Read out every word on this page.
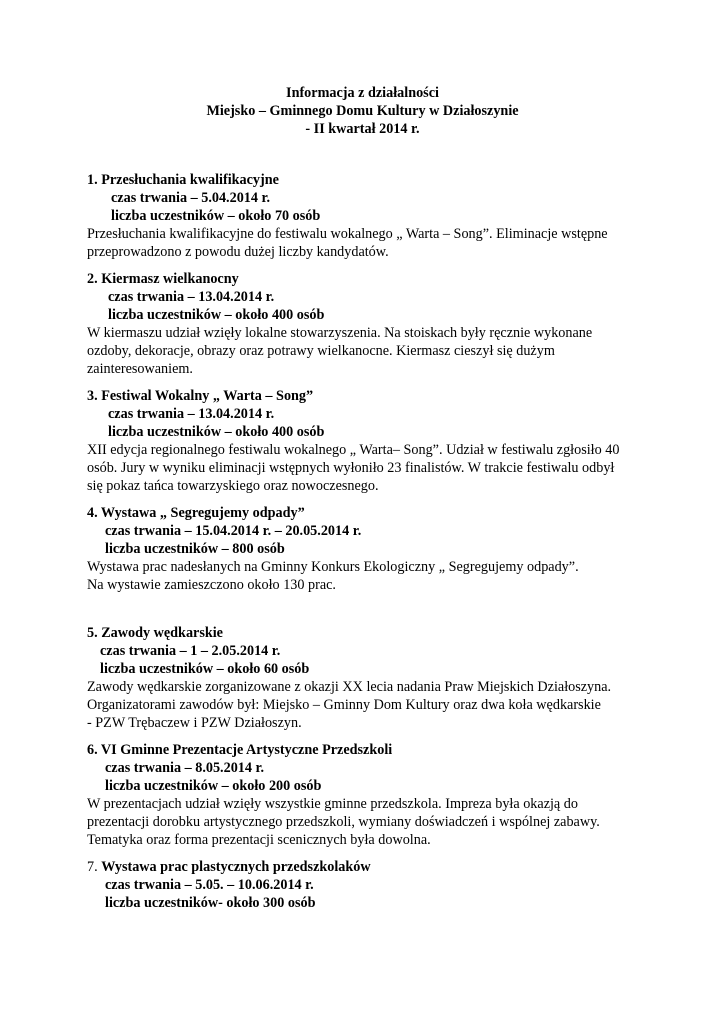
Informacja z działalności
Miejsko – Gminnego Domu Kultury w Działoszynie
- II kwartał 2014 r.
1. Przesłuchania kwalifikacyjne
czas trwania – 5.04.2014 r.
liczba uczestników – około 70 osób
Przesłuchania kwalifikacyjne do festiwalu wokalnego „ Warta – Song”. Eliminacje wstępne
przeprowadzono z powodu dużej liczby kandydatów.
2. Kiermasz wielkanocny
czas trwania – 13.04.2014 r.
liczba uczestników – około 400 osób
W kiermaszu udział wzięły lokalne stowarzyszenia. Na stoiskach były ręcznie wykonane
ozdoby, dekoracje, obrazy oraz potrawy wielkanocne. Kiermasz cieszył się dużym
zainteresowaniem.
3. Festiwal Wokalny „ Warta – Song”
czas trwania – 13.04.2014 r.
liczba uczestników – około 400 osób
XII edycja regionalnego festiwalu wokalnego „ Warta– Song”. Udział w festiwalu zgłosiło 40
osób. Jury w wyniku eliminacji wstępnych wyłoniło 23 finalistów. W trakcie festiwalu odbył
się pokaz tańca towarzyskiego oraz nowoczesnego.
4. Wystawa „ Segregujemy odpady”
czas trwania – 15.04.2014 r. – 20.05.2014 r.
liczba uczestników – 800 osób
Wystawa prac nadesłanych na Gminny Konkurs Ekologiczny „ Segregujemy odpady”.
Na wystawie zamieszczono około 130 prac.
5. Zawody wędkarskie
czas trwania – 1 – 2.05.2014 r.
liczba uczestników – około 60 osób
Zawody wędkarskie zorganizowane z okazji XX lecia nadania Praw Miejskich Działoszyna.
Organizatorami zawodów był: Miejsko – Gminny Dom Kultury oraz dwa koła wędkarskie
- PZW Trębaczew i PZW Działoszyn.
6. VI Gminne Prezentacje Artystyczne Przedszkoli
czas trwania – 8.05.2014 r.
liczba uczestników – około 200 osób
W prezentacjach udział wzięły wszystkie gminne przedszkola. Impreza była okazją do
prezentacji dorobku artystycznego przedszkoli, wymiany doświadczeń i wspólnej zabawy.
Tematyka oraz forma prezentacji scenicznych była dowolna.
7. Wystawa prac plastycznych przedszkolaków
czas trwania – 5.05. – 10.06.2014 r.
liczba uczestników- około 300 osób
